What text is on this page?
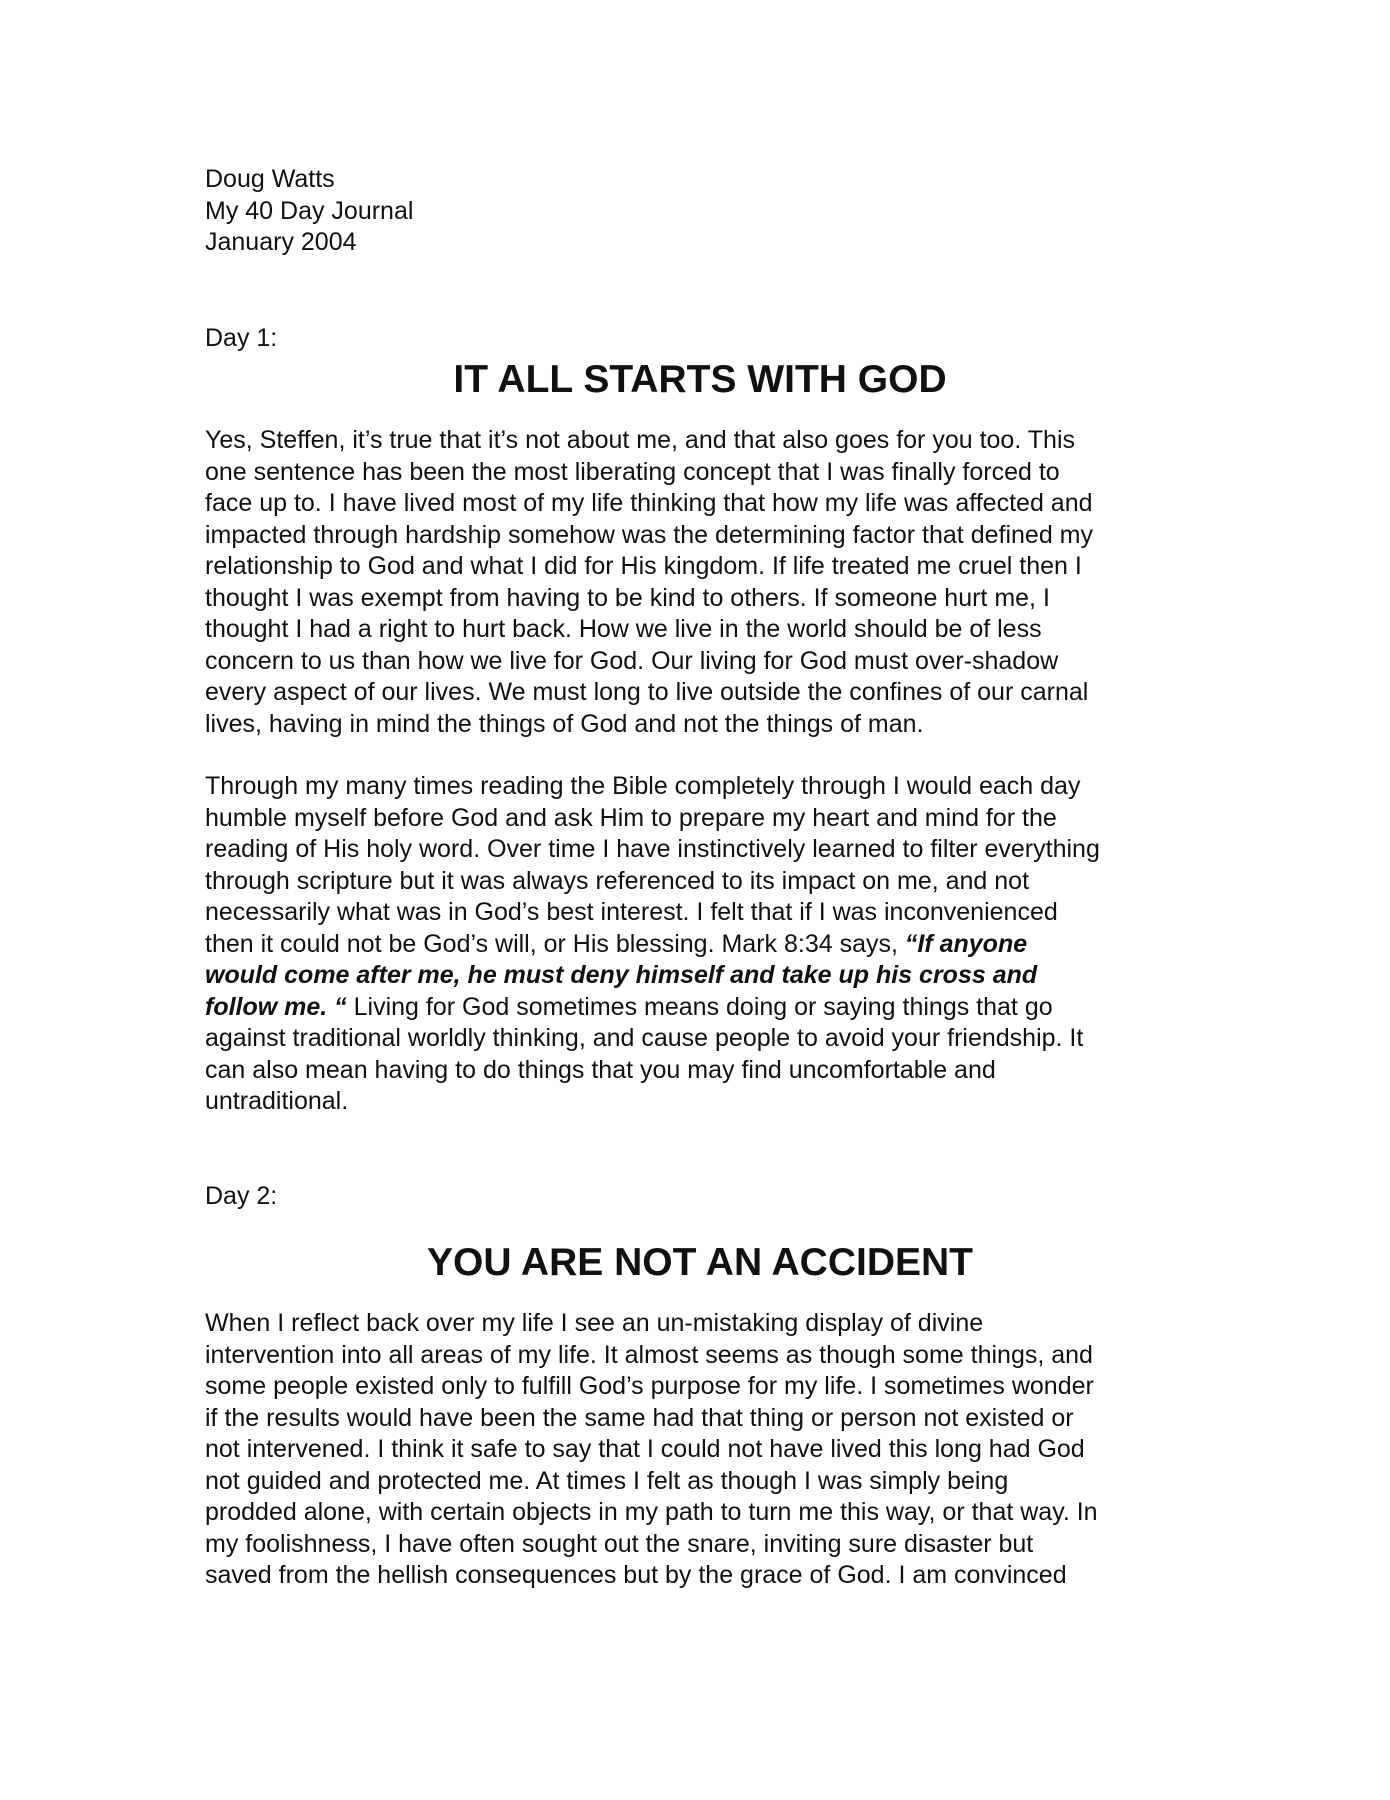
Doug Watts

My 40 Day Journal

January 2004

Day 1:

IT ALL STARTS WITH GOD

Yes, Steffen, it’s true that it’s not about me, and that also goes for you too. This
one sentence has been the most liberating concept that I was finally forced to
face up to. I have lived most of my life thinking that how my life was affected and
impacted through hardship somehow was the determining factor that defined my
relationship to God and what I did for His kingdom. If life treated me cruel then I
thought I was exempt from having to be kind to others. If someone hurt me, I
thought I had a right to hurt back. How we live in the world should be of less
concern to us than how we live for God. Our living for God must over-shadow
every aspect of our lives. We must long to live outside the confines of our carnal
lives, having in mind the things of God and not the things of man.

Through my many times reading the Bible completely through I would each day
humble myself before God and ask Him to prepare my heart and mind for the
reading of His holy word. Over time I have instinctively learned to filter everything
through scripture but it was always referenced to its impact on me, and not
necessarily what was in God’s best interest. I felt that if I was inconvenienced
then it could not be God’s will, or His blessing. Mark 8:34 says, “If anyone
would come after me, he must deny himself and take up his cross and
follow me. “ Living for God sometimes means doing or saying things that go
against traditional worldly thinking, and cause people to avoid your friendship. It
can also mean having to do things that you may find uncomfortable and
untraditional.

Day 2:

YOU ARE NOT AN ACCIDENT

When I reflect back over my life I see an un-mistaking display of divine
intervention into all areas of my life. It almost seems as though some things, and
some people existed only to fulfill God’s purpose for my life. I sometimes wonder
if the results would have been the same had that thing or person not existed or
not intervened. I think it safe to say that I could not have lived this long had God
not guided and protected me. At times I felt as though I was simply being
prodded alone, with certain objects in my path to turn me this way, or that way. In
my foolishness, I have often sought out the snare, inviting sure disaster but
saved from the hellish consequences but by the grace of God. I am convinced
